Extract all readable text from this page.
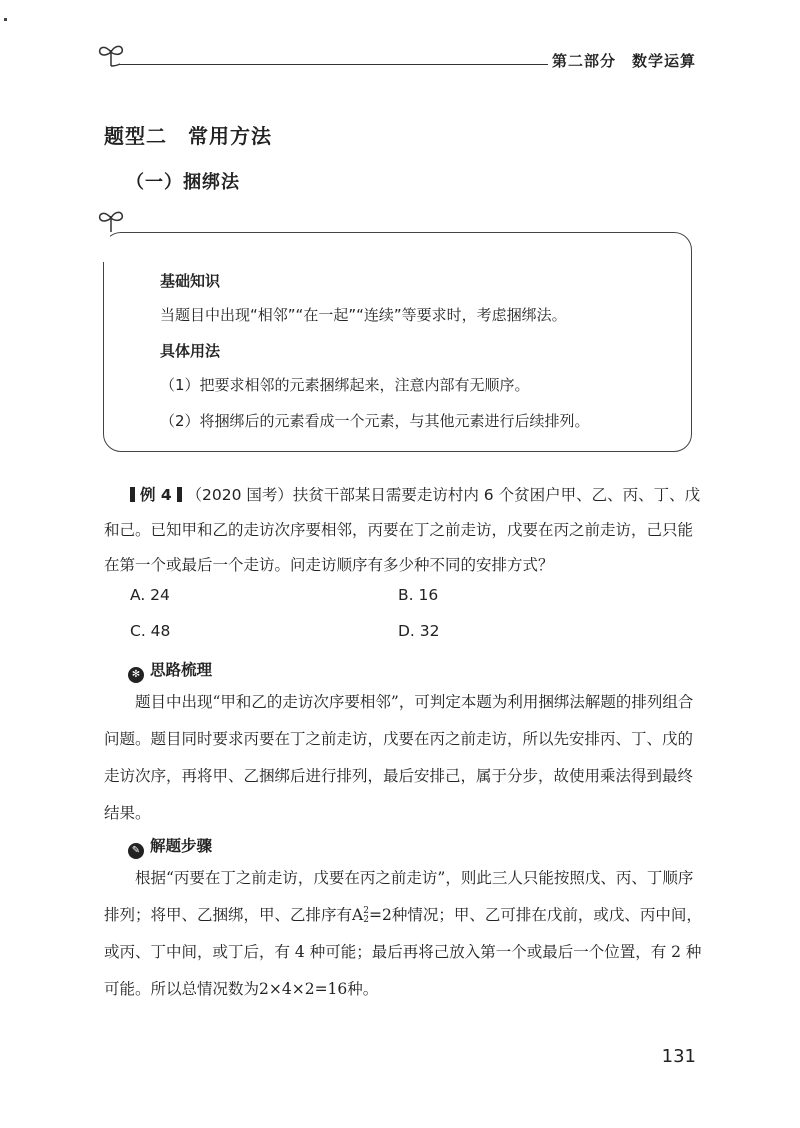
第二部分　数学运算
题型二　常用方法
（一）捆绑法
基础知识
当题目中出现“相邻”“在一起”“连续”等要求时，考虑捆绑法。
具体用法
（1）把要求相邻的元素捆绑起来，注意内部有无顺序。
（2）将捆绑后的元素看成一个元素，与其他元素进行后续排列。
例 4 （2020 国考）扶贫干部某日需要走访村内 6 个贫困户甲、乙、丙、丁、戊和己。已知甲和乙的走访次序要相邻，丙要在丁之前走访，戊要在丙之前走访，己只能在第一个或最后一个走访。问走访顺序有多少种不同的安排方式？
A. 24	B. 16
C. 48	D. 32
✻ 思路梳理
题目中出现“甲和乙的走访次序要相邻”，可判定本题为利用捆绑法解题的排列组合问题。题目同时要求丙要在丁之前走访，戊要在丙之前走访，所以先安排丙、丁、戊的走访次序，再将甲、乙捆绑后进行排列，最后安排己，属于分步，故使用乘法得到最终结果。
✎ 解题步骤
根据“丙要在丁之前走访，戊要在丙之前走访”，则此三人只能按照戊、丙、丁顺序排列；将甲、乙捆绑，甲、乙排序有A 2
2 =2种情况；甲、乙可排在戊前，或戊、丙中间，或丙、丁中间，或丁后，有 4 种可能；最后再将己放入第一个或最后一个位置，有 2 种可能。所以总情况数为2×4×2=16种。
131
